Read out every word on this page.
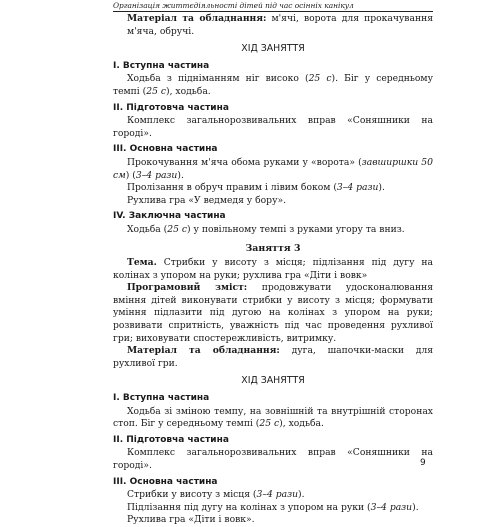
Організація життєдіяльності дітей під час осінніх канікул

Матеріал та обладнання: м'ячі, ворота для прокачування м'яча, обручі.

ХІД ЗАНЯТТЯ
I. Вступна частина

Ходьба з підніманням ніг високо (25 с). Біг у середньому темпі (25 с), ходьба.

II. Підготовча частина

Комплекс загальнорозвивальних вправ «Соняшники на городі».

III. Основна частина

Прокочування м'яча обома руками у «ворота» (завширшки 50 см) (3–4 рази).

Пролізання в обруч правим і лівим боком (3–4 рази).

Рухлива гра «У ведмедя у бору».

IV. Заключна частина

Ходьба (25 с) у повільному темпі з руками угору та вниз.

Заняття 3

Тема. Стрибки у висоту з місця; підлізання під дугу на колінах з упором на руки; рухлива гра «Діти і вовк»

Програмовий зміст: продовжувати удосконалювання вміння дітей виконувати стрибки у висоту з місця; формувати уміння підлазити під дугою на колінах з упором на руки; розвивати спритність, уважність під час проведення рухливої гри; виховувати спостережливість, витримку.

Матеріал та обладнання: дуга, шапочки-маски для рухливої гри.

ХІД ЗАНЯТТЯ
I. Вступна частина

Ходьба зі зміною темпу, на зовнішній та внутрішній сторонах стоп. Біг у середньому темпі (25 с), ходьба.

II. Підготовча частина

Комплекс загальнорозвивальних вправ «Соняшники на городі».

III. Основна частина

Стрибки у висоту з місця (3–4 рази).

Підлізання під дугу на колінах з упором на руки (3–4 рази).

Рухлива гра «Діти і вовк».

9
